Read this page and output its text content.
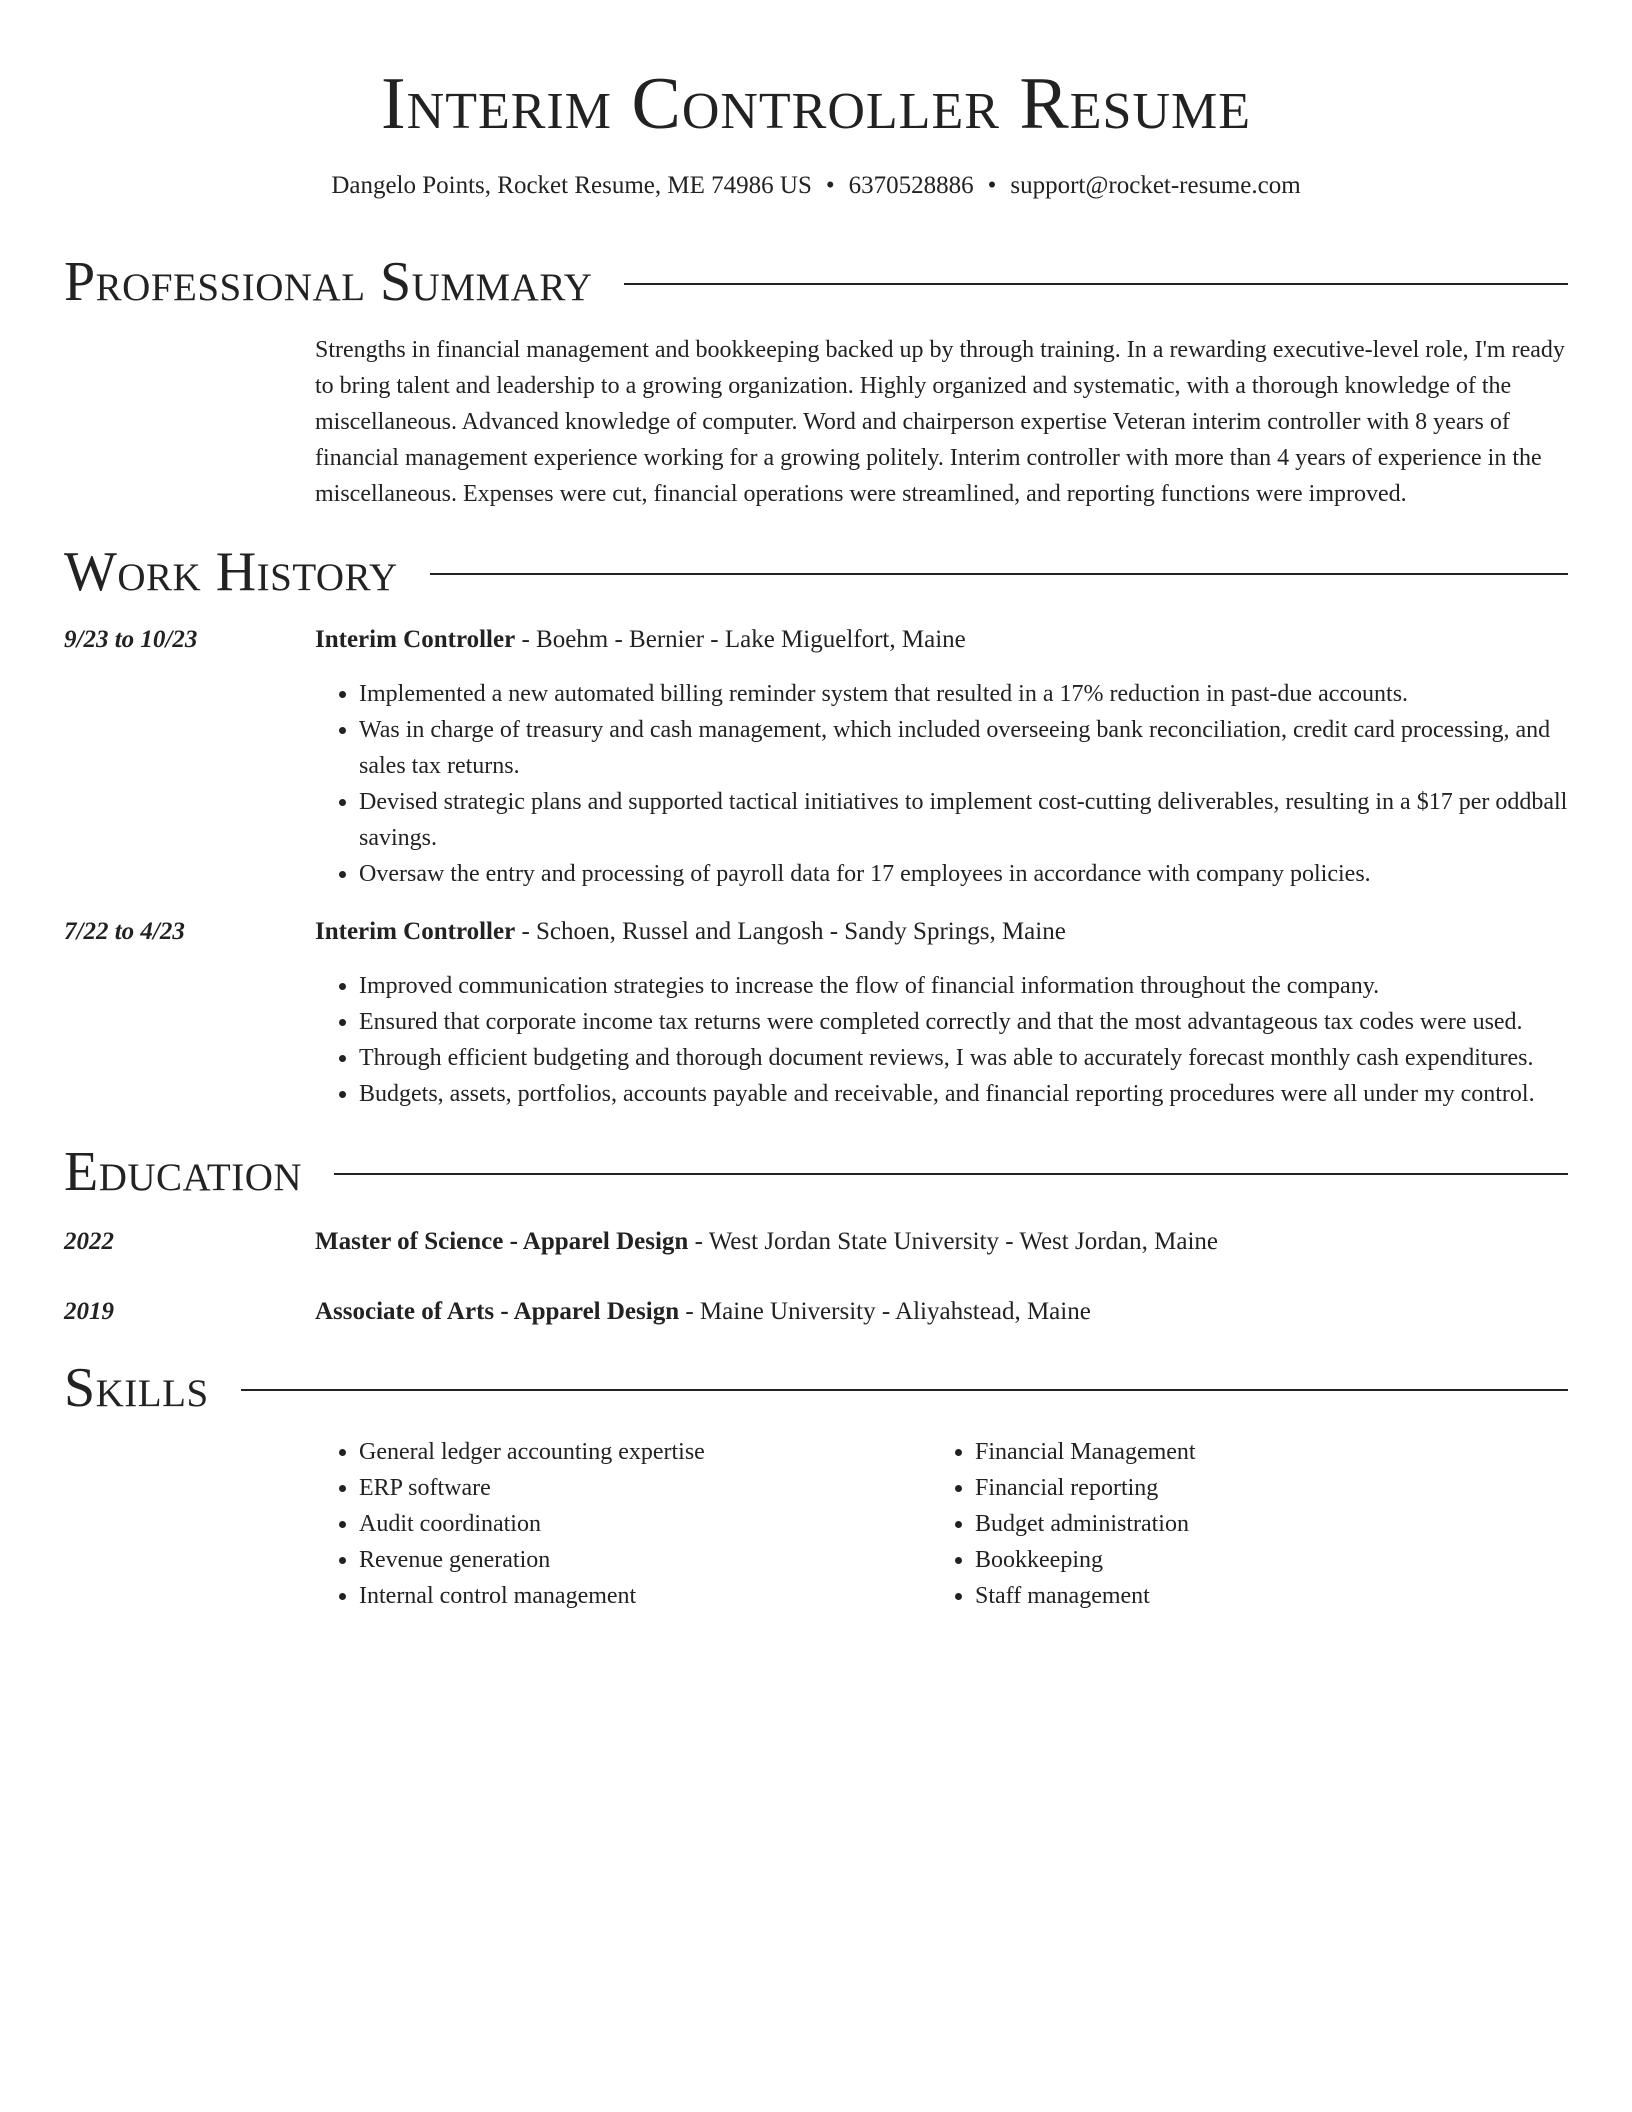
Interim Controller Resume
Dangelo Points, Rocket Resume, ME 74986 US • 6370528886 • support@rocket-resume.com
Professional Summary
Strengths in financial management and bookkeeping backed up by through training. In a rewarding executive-level role, I'm ready to bring talent and leadership to a growing organization. Highly organized and systematic, with a thorough knowledge of the miscellaneous. Advanced knowledge of computer. Word and chairperson expertise Veteran interim controller with 8 years of financial management experience working for a growing politely. Interim controller with more than 4 years of experience in the miscellaneous. Expenses were cut, financial operations were streamlined, and reporting functions were improved.
Work History
9/23 to 10/23	Interim Controller - Boehm - Bernier - Lake Miguelfort, Maine
• Implemented a new automated billing reminder system that resulted in a 17% reduction in past-due accounts.
• Was in charge of treasury and cash management, which included overseeing bank reconciliation, credit card processing, and sales tax returns.
• Devised strategic plans and supported tactical initiatives to implement cost-cutting deliverables, resulting in a $17 per oddball savings.
• Oversaw the entry and processing of payroll data for 17 employees in accordance with company policies.
7/22 to 4/23	Interim Controller - Schoen, Russel and Langosh - Sandy Springs, Maine
• Improved communication strategies to increase the flow of financial information throughout the company.
• Ensured that corporate income tax returns were completed correctly and that the most advantageous tax codes were used.
• Through efficient budgeting and thorough document reviews, I was able to accurately forecast monthly cash expenditures.
• Budgets, assets, portfolios, accounts payable and receivable, and financial reporting procedures were all under my control.
Education
2022	Master of Science - Apparel Design - West Jordan State University - West Jordan, Maine
2019	Associate of Arts - Apparel Design - Maine University - Aliyahstead, Maine
Skills
• General ledger accounting expertise
• ERP software
• Audit coordination
• Revenue generation
• Internal control management
• Financial Management
• Financial reporting
• Budget administration
• Bookkeeping
• Staff management
